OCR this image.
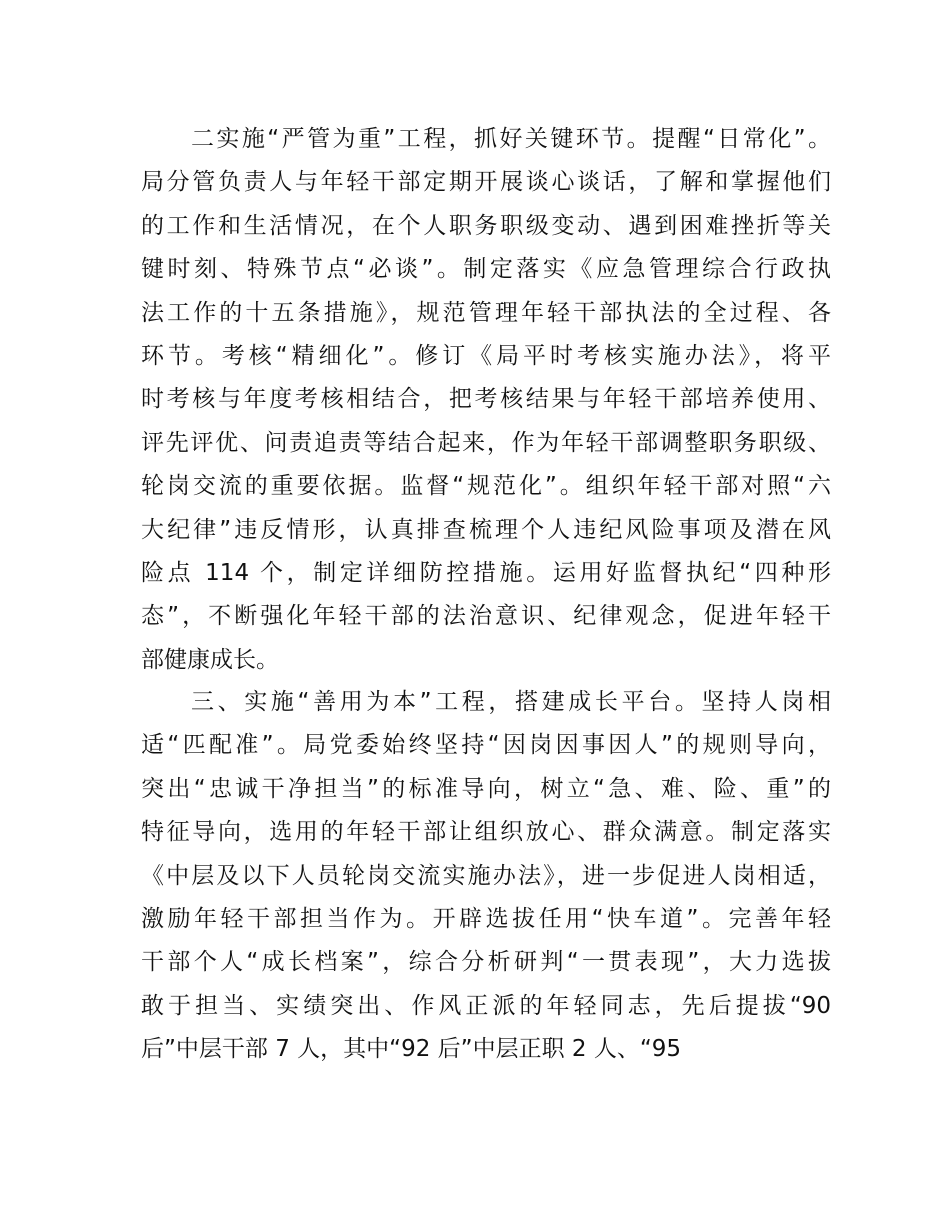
二实施“严管为重”工程，抓好关键环节。提醒“日常化”。
局分管负责人与年轻干部定期开展谈心谈话，了解和掌握他们
的工作和生活情况，在个人职务职级变动、遇到困难挫折等关
键时刻、特殊节点“必谈”。制定落实《应急管理综合行政执
法工作的十五条措施》，规范管理年轻干部执法的全过程、各
环节。考核“精细化”。修订《局平时考核实施办法》，将平
时考核与年度考核相结合，把考核结果与年轻干部培养使用、
评先评优、问责追责等结合起来，作为年轻干部调整职务职级、
轮岗交流的重要依据。监督“规范化”。组织年轻干部对照“六
大纪律”违反情形，认真排查梳理个人违纪风险事项及潜在风
险点 114 个，制定详细防控措施。运用好监督执纪“四种形
态”，不断强化年轻干部的法治意识、纪律观念，促进年轻干
部健康成长。
三、实施“善用为本”工程，搭建成长平台。坚持人岗相
适“匹配准”。局党委始终坚持“因岗因事因人”的规则导向，
突出“忠诚干净担当”的标准导向，树立“急、难、险、重”的
特征导向，选用的年轻干部让组织放心、群众满意。制定落实
《中层及以下人员轮岗交流实施办法》，进一步促进人岗相适，
激励年轻干部担当作为。开辟选拔任用“快车道”。完善年轻
干部个人“成长档案”，综合分析研判“一贯表现”，大力选拔
敢于担当、实绩突出、作风正派的年轻同志，先后提拔“90
后”中层干部 7 人，其中“92 后”中层正职 2 人、“95
